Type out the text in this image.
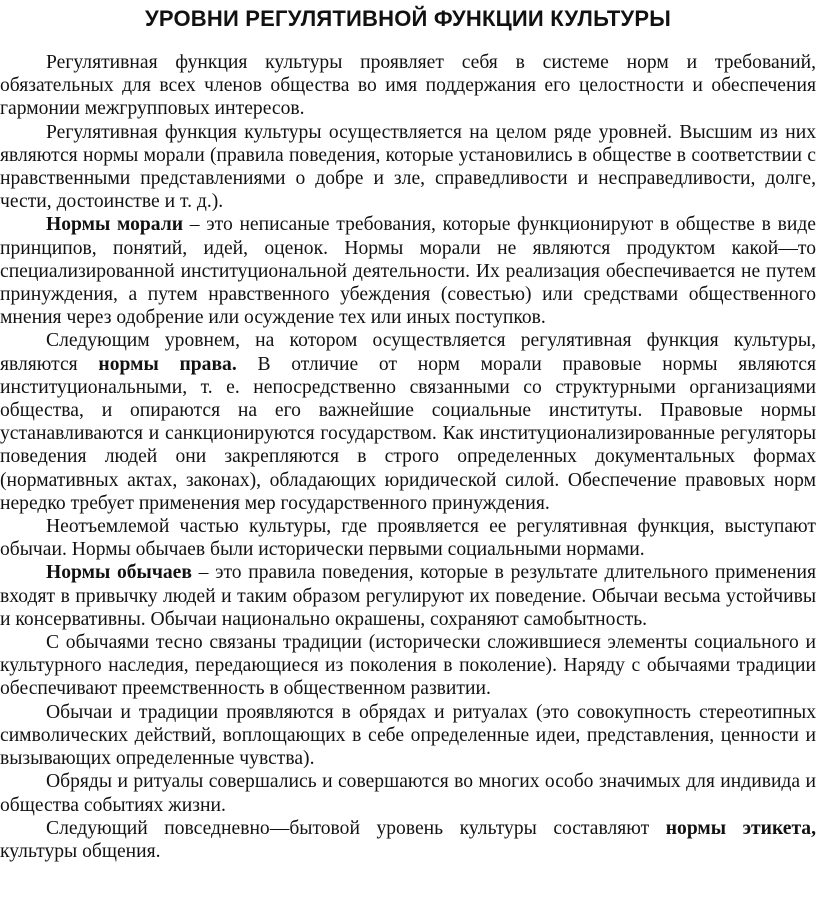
УРОВНИ РЕГУЛЯТИВНОЙ ФУНКЦИИ КУЛЬТУРЫ

Регулятивная функция культуры проявляет себя в системе норм и требований, обязательных для всех членов общества во имя поддержания его целостности и обеспечения гармонии межгрупповых интересов.

Регулятивная функция культуры осуществляется на целом ряде уровней. Высшим из них являются нормы морали (правила поведения, которые установились в обществе в соответствии с нравственными представлениями о добре и зле, справедливости и несправедливости, долге, чести, достоинстве и т. д.).

Нормы морали – это неписаные требования, которые функционируют в обществе в виде принципов, понятий, идей, оценок. Нормы морали не являются продуктом какой—то специализированной институциональной деятельности. Их реализация обеспечивается не путем принуждения, а путем нравственного убеждения (совестью) или средствами общественного мнения через одобрение или осуждение тех или иных поступков.

Следующим уровнем, на котором осуществляется регулятивная функция культуры, являются нормы права. В отличие от норм морали правовые нормы являются институциональными, т. е. непосредственно связанными со структурными организациями общества, и опираются на его важнейшие социальные институты. Правовые нормы устанавливаются и санкционируются государством. Как институционализированные регуляторы поведения людей они закрепляются в строго определенных документальных формах (нормативных актах, законах), обладающих юридической силой. Обеспечение правовых норм нередко требует применения мер государственного принуждения.

Неотъемлемой частью культуры, где проявляется ее регулятивная функция, выступают обычаи. Нормы обычаев были исторически первыми социальными нормами.

Нормы обычаев – это правила поведения, которые в результате длительного применения входят в привычку людей и таким образом регулируют их поведение. Обычаи весьма устойчивы и консервативны. Обычаи национально окрашены, сохраняют самобытность.

С обычаями тесно связаны традиции (исторически сложившиеся элементы социального и культурного наследия, передающиеся из поколения в поколение). Наряду с обычаями традиции обеспечивают преемственность в общественном развитии.

Обычаи и традиции проявляются в обрядах и ритуалах (это совокупность стереотипных символических действий, воплощающих в себе определенные идеи, представления, ценности и вызывающих определенные чувства).

Обряды и ритуалы совершались и совершаются во многих особо значимых для индивида и общества событиях жизни.

Следующий повседневно—бытовой уровень культуры составляют нормы этикета, культуры общения.
